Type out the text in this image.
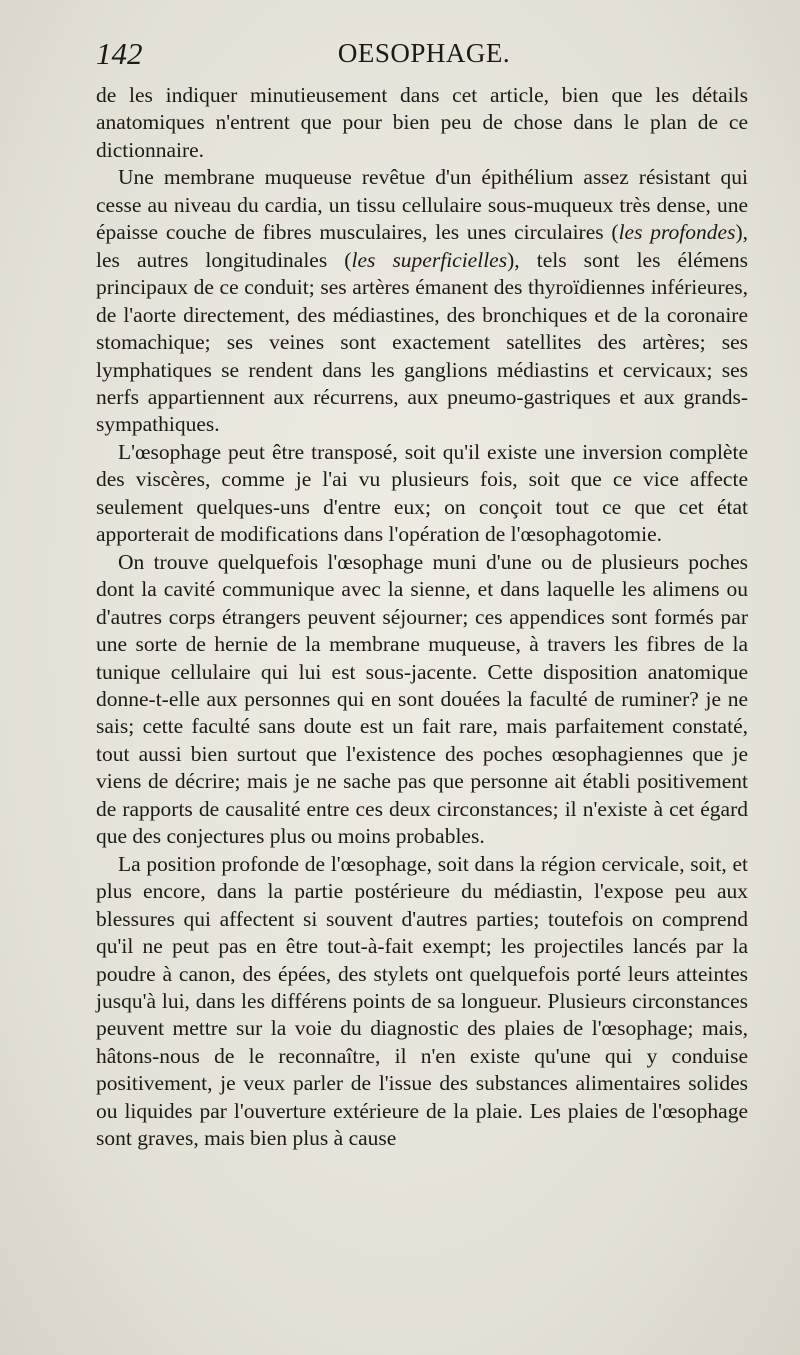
142	OESOPHAGE.

de les indiquer minutieusement dans cet article, bien que les détails anatomiques n'entrent que pour bien peu de chose dans le plan de ce dictionnaire.

Une membrane muqueuse revêtue d'un épithélium assez résistant qui cesse au niveau du cardia, un tissu cellulaire sous-muqueux très dense, une épaisse couche de fibres musculaires, les unes circulaires (les profondes), les autres longitudinales (les superficielles), tels sont les élémens principaux de ce conduit; ses artères émanent des thyroïdiennes inférieures, de l'aorte directement, des médiastines, des bronchiques et de la coronaire stomachique; ses veines sont exactement satellites des artères; ses lymphatiques se rendent dans les ganglions médiastins et cervicaux; ses nerfs appartiennent aux récurrens, aux pneumo-gastriques et aux grands-sympathiques.

L'œsophage peut être transposé, soit qu'il existe une inversion complète des viscères, comme je l'ai vu plusieurs fois, soit que ce vice affecte seulement quelques-uns d'entre eux; on conçoit tout ce que cet état apporterait de modifications dans l'opération de l'œsophagotomie.

On trouve quelquefois l'œsophage muni d'une ou de plusieurs poches dont la cavité communique avec la sienne, et dans laquelle les alimens ou d'autres corps étrangers peuvent séjourner; ces appendices sont formés par une sorte de hernie de la membrane muqueuse, à travers les fibres de la tunique cellulaire qui lui est sous-jacente. Cette disposition anatomique donne-t-elle aux personnes qui en sont douées la faculté de ruminer? je ne sais; cette faculté sans doute est un fait rare, mais parfaitement constaté, tout aussi bien surtout que l'existence des poches œsophagiennes que je viens de décrire; mais je ne sache pas que personne ait établi positivement de rapports de causalité entre ces deux circonstances; il n'existe à cet égard que des conjectures plus ou moins probables.

La position profonde de l'œsophage, soit dans la région cervicale, soit, et plus encore, dans la partie postérieure du médiastin, l'expose peu aux blessures qui affectent si souvent d'autres parties; toutefois on comprend qu'il ne peut pas en être tout-à-fait exempt; les projectiles lancés par la poudre à canon, des épées, des stylets ont quelquefois porté leurs atteintes jusqu'à lui, dans les différens points de sa longueur. Plusieurs circonstances peuvent mettre sur la voie du diagnostic des plaies de l'œsophage; mais, hâtons-nous de le reconnaître, il n'en existe qu'une qui y conduise positivement, je veux parler de l'issue des substances alimentaires solides ou liquides par l'ouverture extérieure de la plaie. Les plaies de l'œsophage sont graves, mais bien plus à cause
